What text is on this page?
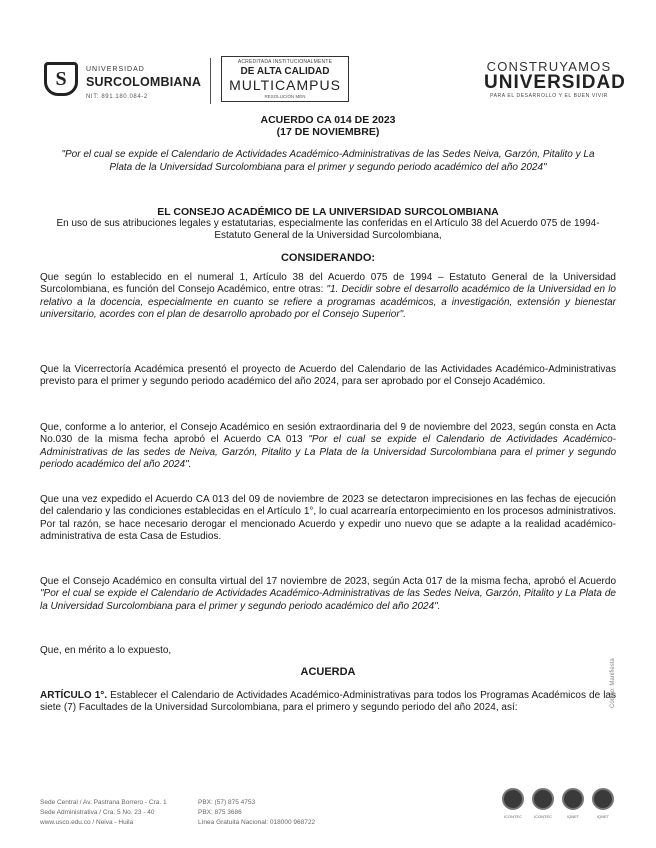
S	UNIVERSIDAD
SURCOLOMBIANA
NIT: 891.180.084-2
ACREDITADA INSTITUCIONALMENTE
DE ALTA CALIDAD
MULTICAMPUS
RESOLUCIÓN MEN
CONSTRUYAMOS
UNIVERSIDAD
PARA EL DESARROLLO Y EL BUEN VIVIR
ACUERDO CA 014 DE 2023
(17 DE NOVIEMBRE)
"Por el cual se expide el Calendario de Actividades Académico-Administrativas de las Sedes Neiva, Garzón, Pitalito y La Plata de la Universidad Surcolombiana para el primer y segundo periodo académico del año 2024"
EL CONSEJO ACADÉMICO DE LA UNIVERSIDAD SURCOLOMBIANA
En uso de sus atribuciones legales y estatutarias, especialmente las conferidas en el Artículo 38 del Acuerdo 075 de 1994-Estatuto General de la Universidad Surcolombiana,
CONSIDERANDO:
Que según lo establecido en el numeral 1, Artículo 38 del Acuerdo 075 de 1994 – Estatuto General de la Universidad Surcolombiana, es función del Consejo Académico, entre otras: "1. Decidir sobre el desarrollo académico de la Universidad en lo relativo a la docencia, especialmente en cuanto se refiere a programas académicos, a investigación, extensión y bienestar universitario, acordes con el plan de desarrollo aprobado por el Consejo Superior".
Que la Vicerrectoría Académica presentó el proyecto de Acuerdo del Calendario de las Actividades Académico-Administrativas previsto para el primer y segundo periodo académico del año 2024, para ser aprobado por el Consejo Académico.
Que, conforme a lo anterior, el Consejo Académico en sesión extraordinaria del 9 de noviembre del 2023, según consta en Acta No.030 de la misma fecha aprobó el Acuerdo CA 013 "Por el cual se expide el Calendario de Actividades Académico-Administrativas de las sedes de Neiva, Garzón, Pitalito y La Plata de la Universidad Surcolombiana para el primer y segundo periodo académico del año 2024".
Que una vez expedido el Acuerdo CA 013 del 09 de noviembre de 2023 se detectaron imprecisiones en las fechas de ejecución del calendario y las condiciones establecidas en el Artículo 1°, lo cual acarrearía entorpecimiento en los procesos administrativos. Por tal razón, se hace necesario derogar el mencionado Acuerdo y expedir uno nuevo que se adapte a la realidad académico- administrativa de esta Casa de Estudios.
Que el Consejo Académico en consulta virtual del 17 noviembre de 2023, según Acta 017 de la misma fecha, aprobó el Acuerdo "Por el cual se expide el Calendario de Actividades Académico-Administrativas de las Sedes Neiva, Garzón, Pitalito y La Plata de la Universidad Surcolombiana para el primer y segundo periodo académico del año 2024".
Que, en mérito a lo expuesto,
ACUERDA
ARTÍCULO 1°. Establecer el Calendario de Actividades Académico-Administrativas para todos los Programas Académicos de las siete (7) Facultades de la Universidad Surcolombiana, para el primero y segundo periodo del año 2024, así:	Código: Manifiesta
Sede Central / Av. Pastrana Borrero - Cra. 1
Sede Administrativa / Cra. 5 No. 23 - 40
www.usco.edu.co / Neiva - Huila
PBX: (57) 875 4753
PBX: 875 3686
Línea Gratuita Nacional: 018000 968722
ICONTEC	ICONTEC	IQNET	IQNET
